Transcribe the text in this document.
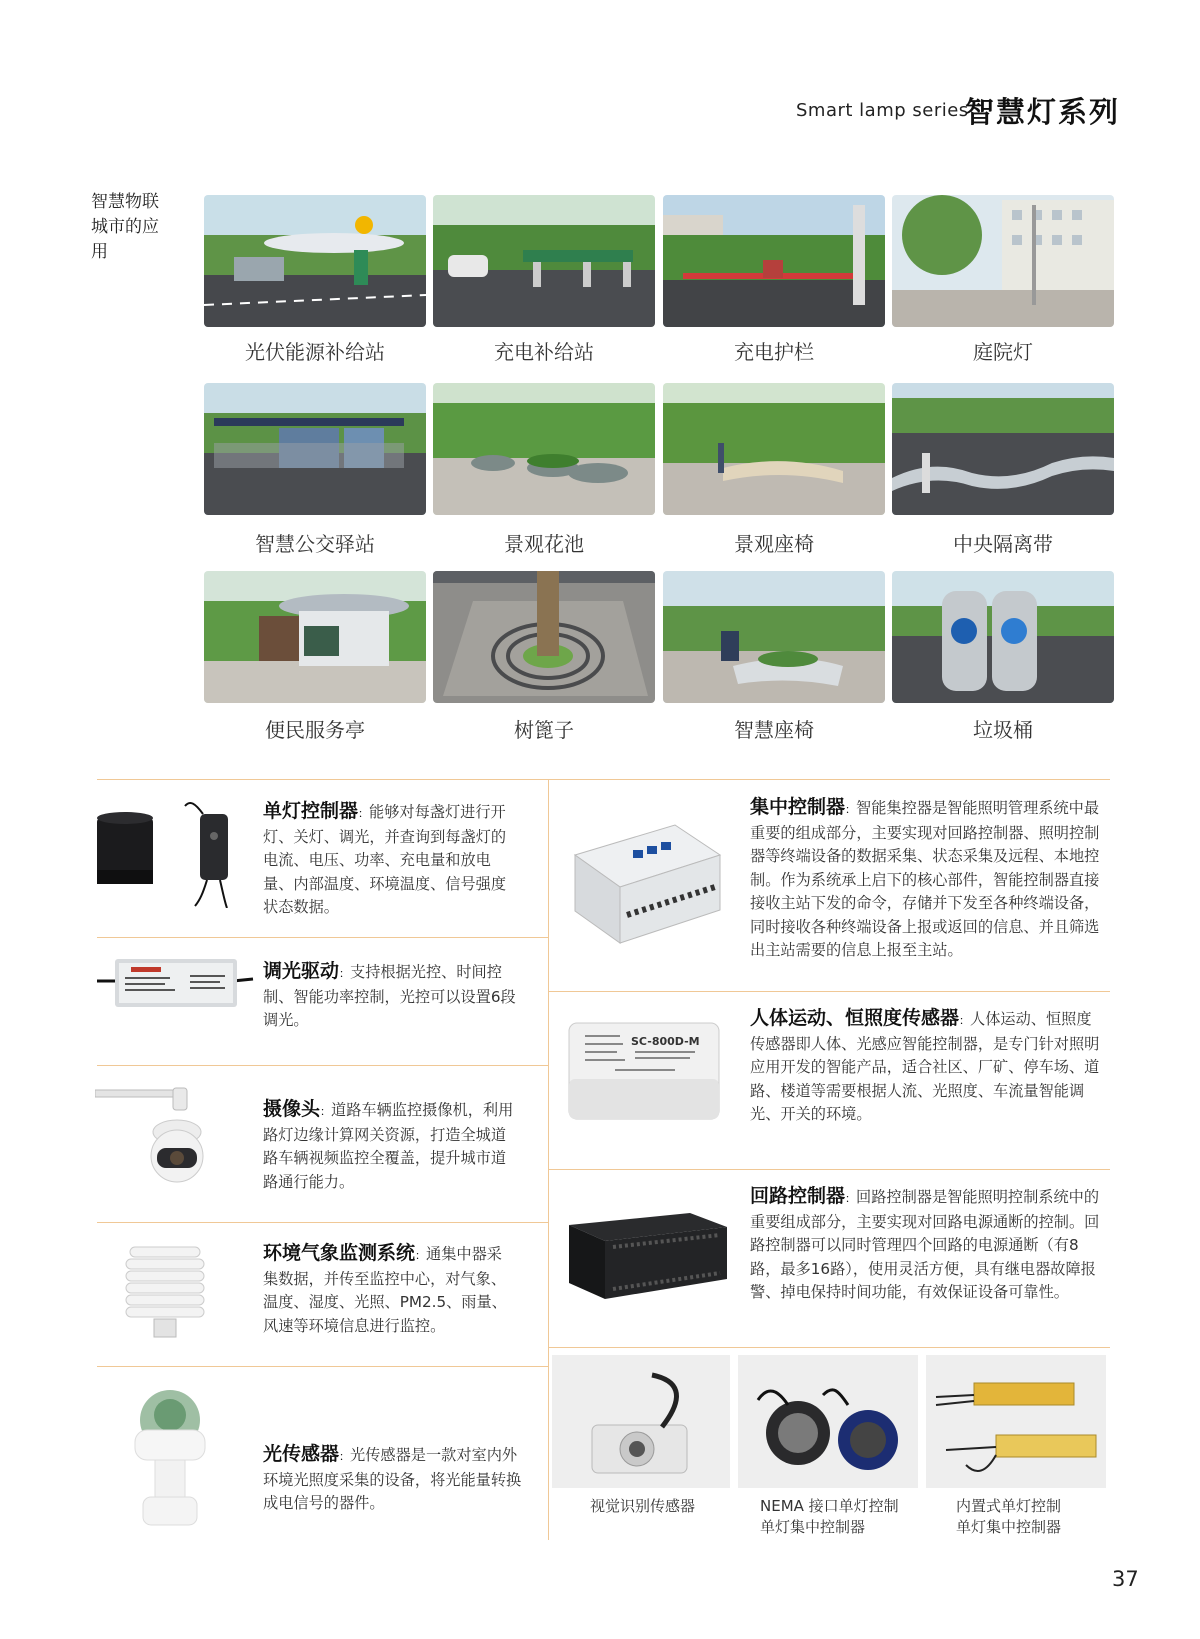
Smart lamp series
智慧灯系列
智慧物联城市的应用
光伏能源补给站	充电补给站	充电护栏	庭院灯
智慧公交驿站	景观花池	景观座椅	中央隔离带
便民服务亭	树篦子	智慧座椅	垃圾桶
单灯控制器 ： 能够对每盏灯进行开灯、关灯、调光，并查询到每盏灯的电流、电压、功率、充电量和放电量、内部温度、环境温度、信号强度状态数据。
调光驱动 ： 支持根据光控、时间控制、智能功率控制，光控可以设置6段调光。
摄像头 ： 道路车辆监控摄像机，利用路灯边缘计算网关资源，打造全城道路车辆视频监控全覆盖，提升城市道路通行能力。
环境气象监测系统 ： 通集中器采集数据，并传至监控中心，对气象、温度、湿度、光照、PM2.5、雨量、风速等环境信息进行监控。
光传感器 ： 光传感器是一款对室内外环境光照度采集的设备，将光能量转换成电信号的器件。
集中控制器 ： 智能集控器是智能照明管理系统中最重要的组成部分，主要实现对回路控制器、照明控制器等终端设备的数据采集、状态采集及远程、本地控制。作为系统承上启下的核心部件，智能控制器直接接收主站下发的命令，存储并下发至各种终端设备，同时接收各种终端设备上报或返回的信息、并且筛选出主站需要的信息上报至主站。
SC-800D-M
人体运动、恒照度传感器 ： 人体运动、恒照度传感器即人体、光感应智能控制器，是专门针对照明应用开发的智能产品，适合社区、厂矿、停车场、道路、楼道等需要根据人流、光照度、车流量智能调光、开关的环境。
回路控制器 ： 回路控制器是智能照明控制系统中的重要组成部分，主要实现对回路电源通断的控制。回路控制器可以同时管理四个回路的电源通断（有8路，最多16路），使用灵活方便，具有继电器故障报警、掉电保持时间功能，有效保证设备可靠性。
视觉识别传感器	NEMA 接口单灯控制
单灯集中控制器
内置式单灯控制
单灯集中控制器
37
